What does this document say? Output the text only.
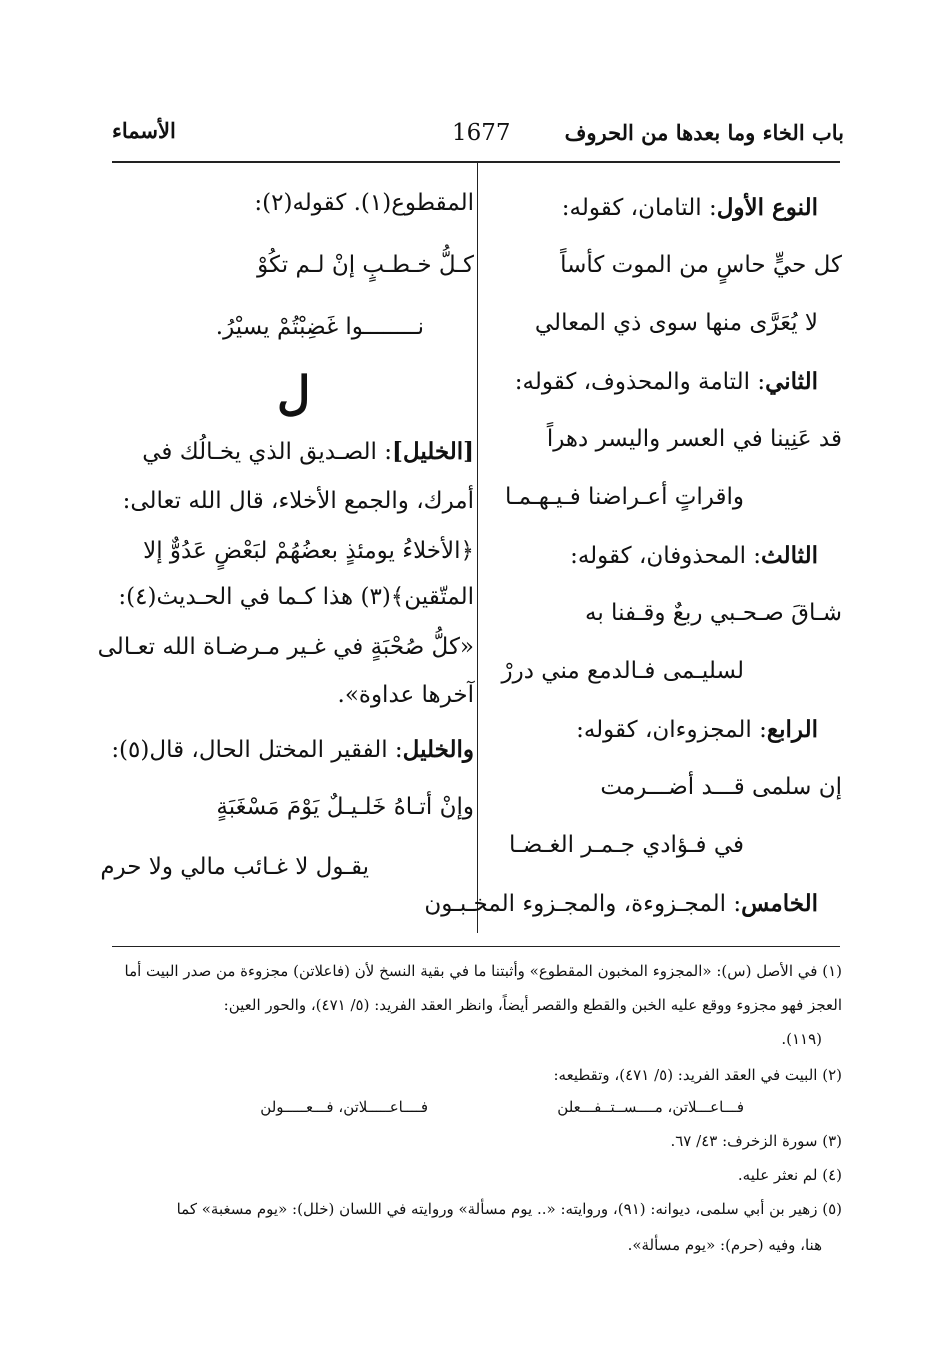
باب الخاء وما بعدها من الحروف
1677
الأسماء
النوع الأول: التامان، كقوله:
كل حيٍّ حاسٍ من الموت كأساً
لا يُعَرَّى منها سوى ذي المعالي
الثاني: التامة والمحذوف، كقوله:
قد عَنِينا في العسر واليسر دهراً
واقراتٍ أعـراضنا فـيـهـمـا
الثالث: المحذوفان، كقوله:
شـاقَ صـحـبي ربعٌ وقـفنا به
لسليـمى فـالدمع مني دررْ
الرابع: المجزوءان، كقوله:
إن سلمى قـــد أضـــرمت
في فـؤادي جـمـر الغـضـا
الخامس: المجـزوءة، والمجـزوء المخـبـون
المقطوع(١). كقوله(٢):
كـلُّ خـطـبٍ إنْ لـم تكُوْ
نــــــــوا غَضِبْتُمْ يسيْرُ.
ل
[الخليل]: الصـديق الذي يخـالُك في
أمرك، والجمع الأخلاء، قال الله تعالى:
﴿الأخلاءُ يومئذٍ بعضُهُمْ لبَعْضٍ عَدُوٌّ إلا
المتّقين﴾(٣) هذا كـما في الحـديث(٤):
«كلُّ صُحْبَةٍ في غـير مـرضـاة الله تعـالى
آخرها عداوة».
والخليل: الفقير المختل الحال، قال(٥):
وإنْ أتـاهُ خَلـيـلٌ يَوْمَ مَسْغَبَةٍ
يقـول لا غـائب مالي ولا حرم
(١) في الأصل (س): «المجزوء المخبون المقطوع» وأثبتنا ما في بقية النسخ لأن (فاعلاتن) مجزوءة من صدر البيت أما
العجز فهو مجزوء ووقع عليه الخبن والقطع والقصر أيضاً، وانظر العقد الفريد: (٥/ ٤٧١)، والحور العين:
(١١٩).
(٢) البيت في العقد الفريد: (٥/ ٤٧١)، وتقطيعه:
فـــاعـــلاتن، مــــســتــفـــعلن
فــــاعـــــلاتن، فـــعـــــولن
(٣) سورة الزخرف: ٤٣/ ٦٧.
(٤) لم نعثر عليه.
(٥) زهير بن أبي سلمى، ديوانه: (٩١)، وروايته: «.. يوم مسألة» وروايته في اللسان (خلل): «يوم مسغبة» كما
هنا، وفيه (حرم): «يوم مسألة».
